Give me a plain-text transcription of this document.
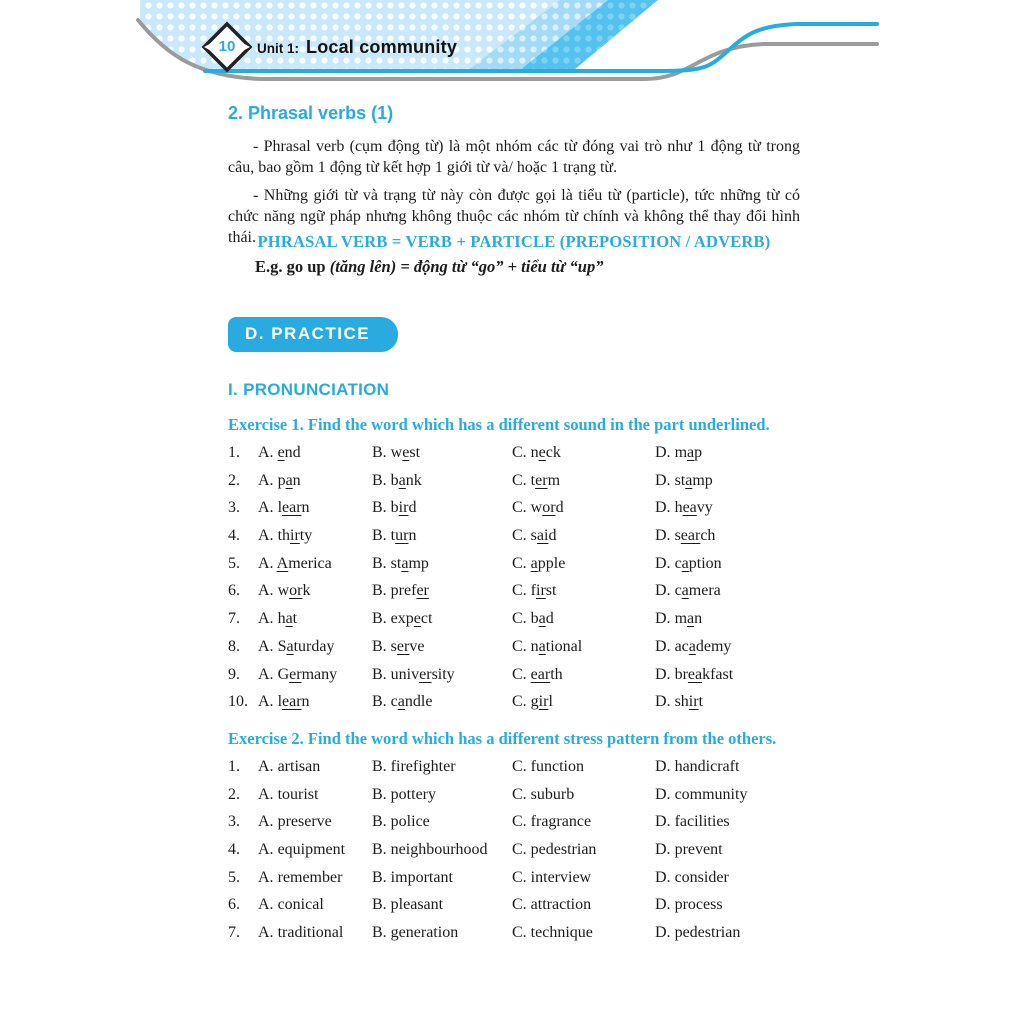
10	Unit 1: Local community
2. Phrasal verbs (1)

- Phrasal verb (cụm động từ) là một nhóm các từ đóng vai trò như 1 động từ trong câu, bao gồm 1 động từ kết hợp 1 giới từ và/ hoặc 1 trạng từ.

- Những giới từ và trạng từ này còn được gọi là tiểu từ (particle), tức những từ có chức năng ngữ pháp nhưng không thuộc các nhóm từ chính và không thể thay đổi hình thái. PHRASAL VERB = VERB + PARTICLE (PREPOSITION / ADVERB)
E.g. go up (tăng lên) = động từ “go” + tiểu từ “up”
D. PRACTICE
I. PRONUNCIATION

Exercise 1. Find the word which has a different sound in the part underlined.

1.	A. end	B. west	C. neck	D. map
2.	A. pan	B. bank	C. term	D. stamp
3.	A. learn	B. bird	C. word	D. heavy
4.	A. thirty	B. turn	C. said	D. search
5.	A. America	B. stamp	C. apple	D. caption
6.	A. work	B. prefer	C. first	D. camera
7.	A. hat	B. expect	C. bad	D. man
8.	A. Saturday	B. serve	C. national	D. academy
9.	A. Germany	B. university	C. earth	D. breakfast
10. A. learn	B. candle	C. girl	D. shirt

Exercise 2. Find the word which has a different stress pattern from the others.

1.	A. artisan	B. firefighter	C. function	D. handicraft
2.	A. tourist	B. pottery	C. suburb	D. community
3.	A. preserve	B. police	C. fragrance	D. facilities
4.	A. equipment	B. neighbourhood	C. pedestrian	D. prevent
5.	A. remember	B. important	C. interview	D. consider
6.	A. conical	B. pleasant	C. attraction	D. process
7.	A. traditional	B. generation	C. technique	D. pedestrian
